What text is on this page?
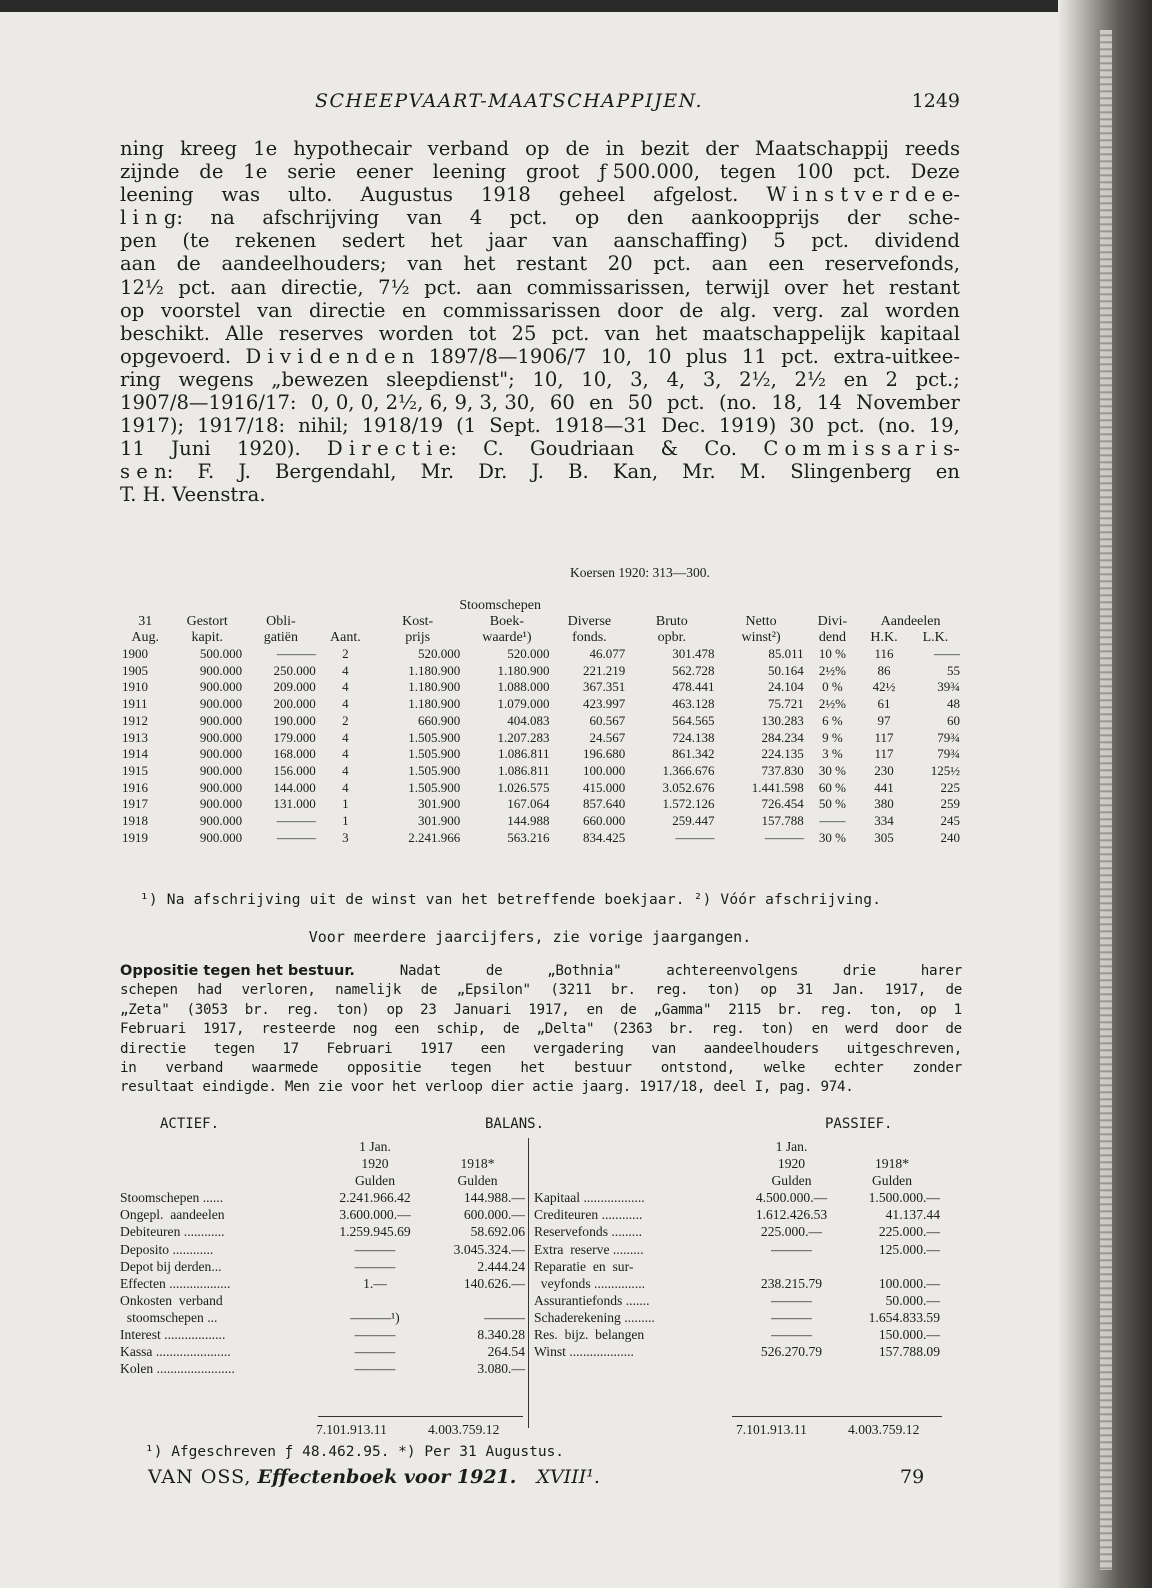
SCHEEPVAART-MAATSCHAPPIJEN.	1249
ning kreeg 1e hypothecair verband op de in bezit der Maatschappij reeds
zijnde de 1e serie eener leening groot ƒ 500.000, tegen 100 pct. Deze
leening was ulto. Augustus 1918 geheel afgelost. W i n s t v e r d e e-
l i n g: na afschrijving van 4 pct. op den aankoopprijs der sche-
pen (te rekenen sedert het jaar van aanschaffing) 5 pct. dividend
aan de aandeelhouders; van het restant 20 pct. aan een reservefonds,
12½ pct. aan directie, 7½ pct. aan commissarissen, terwijl over het restant
op voorstel van directie en commissarissen door de alg. verg. zal worden
beschikt. Alle reserves worden tot 25 pct. van het maatschappelijk kapitaal
opgevoerd. D i v i d e n d e n 1897/8—1906/7 10, 10 plus 11 pct. extra-uitkee-
ring wegens „bewezen sleepdienst"; 10, 10, 3, 4, 3, 2½, 2½ en 2 pct.;
1907/8—1916/17: 0, 0, 0, 2½, 6, 9, 3, 30, 60 en 50 pct. (no. 18, 14 November
1917); 1917/18: nihil; 1918/19 (1 Sept. 1918—31 Dec. 1919) 30 pct. (no. 19,
11 Juni 1920). D i r e c t i e: C. Goudriaan & Co. C o m m i s s a r i s-
s e n: F. J. Bergendahl, Mr. Dr. J. B. Kan, Mr. M. Slingenberg en
T. H. Veenstra.
Koersen 1920: 313—300.
				Stoomschepen							
31	Gestort	Obli-		Kost-	Boek-	Diverse	Bruto	Netto	Divi-	Aandeelen	
Aug.	kapit.	gatiën	Aant.	prijs	waarde¹)	fonds.	opbr.	winst²)	dend	H.K.	L.K.
1900	500.000	———	2	520.000	520.000	46.077	301.478	85.011	10 %	116	——
1905	900.000	250.000	4	1.180.900	1.180.900	221.219	562.728	50.164	2½%	86	55
1910	900.000	209.000	4	1.180.900	1.088.000	367.351	478.441	24.104	0 %	42½	39¾
1911	900.000	200.000	4	1.180.900	1.079.000	423.997	463.128	75.721	2½%	61	48
1912	900.000	190.000	2	660.900	404.083	60.567	564.565	130.283	6 %	97	60
1913	900.000	179.000	4	1.505.900	1.207.283	24.567	724.138	284.234	9 %	117	79¾
1914	900.000	168.000	4	1.505.900	1.086.811	196.680	861.342	224.135	3 %	117	79¾
1915	900.000	156.000	4	1.505.900	1.086.811	100.000	1.366.676	737.830	30 %	230	125½
1916	900.000	144.000	4	1.505.900	1.026.575	415.000	3.052.676	1.441.598	60 %	441	225
1917	900.000	131.000	1	301.900	167.064	857.640	1.572.126	726.454	50 %	380	259
1918	900.000	———	1	301.900	144.988	660.000	259.447	157.788	——	334	245
1919	900.000	———	3	2.241.966	563.216	834.425	———	———	30 %	305	240
¹) Na afschrijving uit de winst van het betreffende boekjaar. ²) Vóór afschrijving.
Voor meerdere jaarcijfers, zie vorige jaargangen.
Oppositie tegen het bestuur.	Nadat	de	„Bothnia"	achtereenvolgens	drie	harer
schepen had verloren, namelijk de „Epsilon" (3211 br. reg. ton) op 31 Jan. 1917, de
„Zeta" (3053 br. reg. ton) op 23 Januari 1917, en de „Gamma" 2115 br. reg. ton, op 1
Februari 1917, resteerde nog een schip, de „Delta" (2363 br. reg. ton) en werd door de
directie tegen 17 Februari 1917 een vergadering van aandeelhouders uitgeschreven,
in verband waarmede oppositie tegen het bestuur ontstond, welke echter zonder
resultaat eindigde. Men zie voor het verloop dier actie jaarg. 1917/18, deel I, pag. 974.
ACTIEF.	BALANS.	PASSIEF.
	1 Jan.	
	1920	1918*
	Gulden	Gulden
Stoomschepen ......	2.241.966.42	144.988.—
Ongepl.  aandeelen	3.600.000.—	600.000.—
Debiteuren ............	1.259.945.69	58.692.06
Deposito ............	———	3.045.324.—
Depot bij derden...	———	2.444.24
Effecten ..................	1.—	140.626.—
Onkosten  verband		
stoomschepen ...	———¹)	———
Interest ..................	———	8.340.28
Kassa ......................	———	264.54
Kolen .......................	———	3.080.—
	1 Jan.	
	1920	1918*
	Gulden	Gulden
Kapitaal ..................	4.500.000.—	1.500.000.—
Crediteuren ............	1.612.426.53	41.137.44
Reservefonds .........	225.000.—	225.000.—
Extra  reserve .........	———	125.000.—
Reparatie  en  sur-		
veyfonds ...............	238.215.79	100.000.—
Assurantiefonds .......	———	50.000.—
Schaderekening .........	———	1.654.833.59
Res.  bijz.  belangen	———	150.000.—
Winst ...................	526.270.79	157.788.09
7.101.913.11	4.003.759.12	7.101.913.11	4.003.759.12
¹) Afgeschreven ƒ 48.462.95. *) Per 31 Augustus.
VAN OSS, Effectenboek voor 1921. XVIII¹.	79
